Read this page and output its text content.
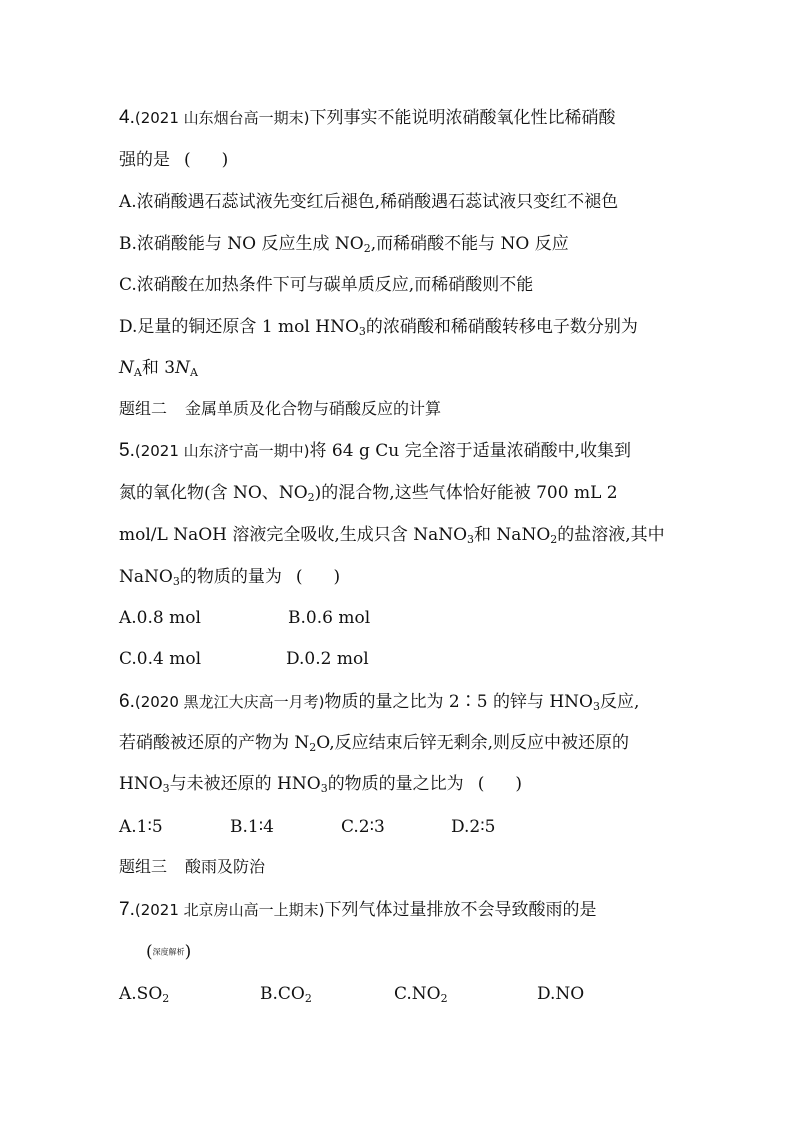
4.(2021 山东烟台高一期末)下列事实不能说明浓硝酸氧化性比稀硝酸
强的是 ( )
A.浓硝酸遇石蕊试液先变红后褪色,稀硝酸遇石蕊试液只变红不褪色
B.浓硝酸能与 NO 反应生成 $NO_2$,而稀硝酸不能与 NO 反应
C.浓硝酸在加热条件下可与碳单质反应,而稀硝酸则不能
D.足量的铜还原含 1 mol $HNO_3$的浓硝酸和稀硝酸转移电子数分别为
$N_A$和 $3N_A$
题组二 金属单质及化合物与硝酸反应的计算
5.(2021 山东济宁高一期中)将 64 g Cu 完全溶于适量浓硝酸中,收集到
氮的氧化物(含 NO、$NO_2$)的混合物,这些气体恰好能被 700 mL 2
mol/L NaOH 溶液完全吸收,生成只含 NaNO$_3$和 NaNO$_2$的盐溶液,其中
NaNO$_3$的物质的量为 ( )
A.0.8 mol	B.0.6 mol
C.0.4 mol	D.0.2 mol
6.(2020 黑龙江大庆高一月考)物质的量之比为 2∶5 的锌与 $HNO_3$反应,
若硝酸被还原的产物为 $N_2O$,反应结束后锌无剩余,则反应中被还原的
$HNO_3$与未被还原的 $HNO_3$的物质的量之比为 ( )
A.1∶5	B.1∶4	C.2∶3	D.2∶5
题组三 酸雨及防治
7.(2021 北京房山高一上期末)下列气体过量排放不会导致酸雨的是
(深度解析)
$A.SO_2$	$B.CO_2$	$C.NO_2$	D.NO
